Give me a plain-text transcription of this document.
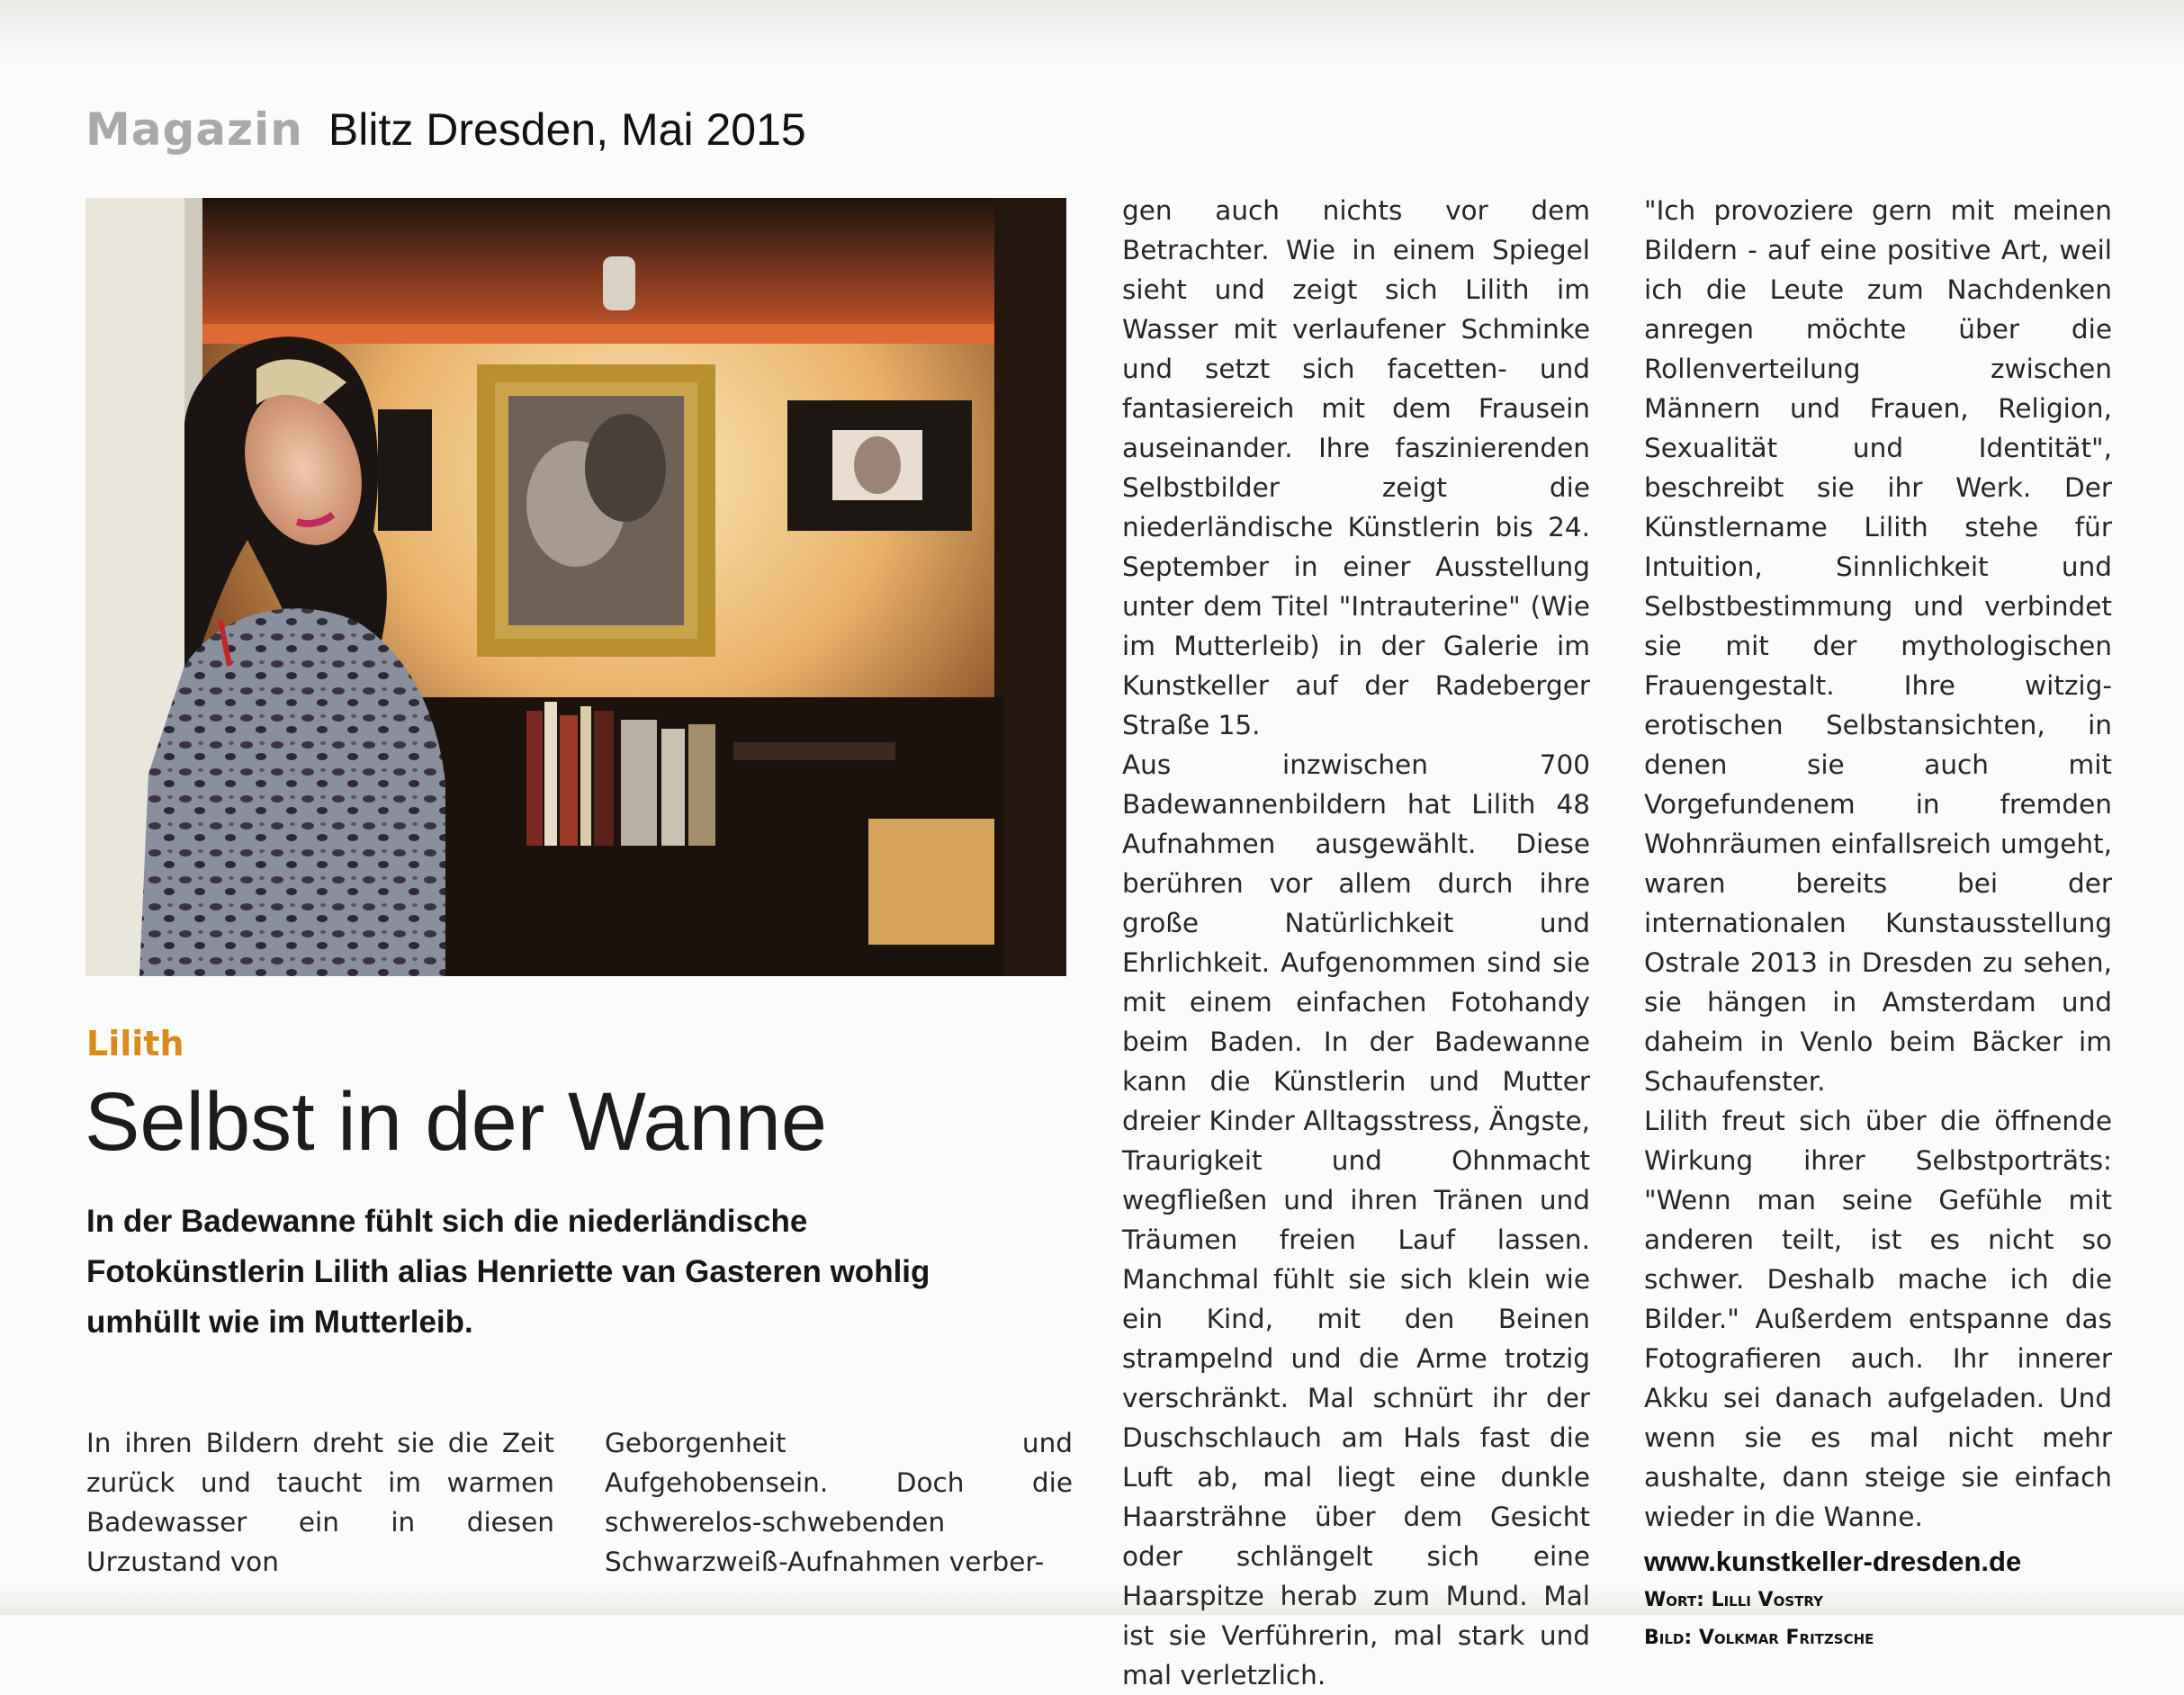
Magazin Blitz Dresden, Mai 2015
Lilith
Selbst in der Wanne
In der Badewanne fühlt sich die niederländische Fotokünstlerin Lilith alias Henriette van Gasteren wohlig umhüllt wie im Mutterleib.

In ihren Bildern dreht sie die Zeit zurück und taucht im warmen Badewasser ein in diesen Urzustand von

Geborgenheit und Aufgehobensein. Doch die schwerelos-schwebenden Schwarzweiß-Aufnahmen verber-

gen auch nichts vor dem Betrachter. Wie in einem Spiegel sieht und zeigt sich Lilith im Wasser mit verlaufener Schminke und setzt sich facetten- und fantasiereich mit dem Frausein auseinander. Ihre faszinierenden Selbstbilder zeigt die niederländische Künstlerin bis 24. September in einer Ausstellung unter dem Titel "Intrauterine" (Wie im Mutterleib) in der Galerie im Kunstkeller auf der Radeberger Straße 15.

Aus inzwischen 700 Badewannenbildern hat Lilith 48 Aufnahmen ausgewählt. Diese berühren vor allem durch ihre große Natürlichkeit und Ehrlichkeit. Aufgenommen sind sie mit einem einfachen Fotohandy beim Baden. In der Badewanne kann die Künstlerin und Mutter dreier Kinder Alltagsstress, Ängste, Traurigkeit und Ohnmacht wegfließen und ihren Tränen und Träumen freien Lauf lassen. Manchmal fühlt sie sich klein wie ein Kind, mit den Beinen strampelnd und die Arme trotzig verschränkt. Mal schnürt ihr der Duschschlauch am Hals fast die Luft ab, mal liegt eine dunkle Haarsträhne über dem Gesicht oder schlängelt sich eine Haarspitze herab zum Mund. Mal ist sie Verführerin, mal stark und mal verletzlich.

"Ich provoziere gern mit meinen Bildern - auf eine positive Art, weil ich die Leute zum Nachdenken anregen möchte über die Rollenverteilung zwischen Männern und Frauen, Religion, Sexualität und Identität", beschreibt sie ihr Werk. Der Künstlername Lilith stehe für Intuition, Sinnlichkeit und Selbstbestimmung und verbindet sie mit der mythologischen Frauengestalt. Ihre witzig-erotischen Selbstansichten, in denen sie auch mit Vorgefundenem in fremden Wohnräumen einfallsreich umgeht, waren bereits bei der internationalen Kunstausstellung Ostrale 2013 in Dresden zu sehen, sie hängen in Amsterdam und daheim in Venlo beim Bäcker im Schaufenster.

Lilith freut sich über die öffnende Wirkung ihrer Selbstporträts: "Wenn man seine Gefühle mit anderen teilt, ist es nicht so schwer. Deshalb mache ich die Bilder." Außerdem entspanne das Fotografieren auch. Ihr innerer Akku sei danach aufgeladen. Und wenn sie es mal nicht mehr aushalte, dann steige sie einfach wieder in die Wanne.

www.kunstkeller-dresden.de
Wort: Lilli Vostry
Bild: Volkmar Fritzsche
